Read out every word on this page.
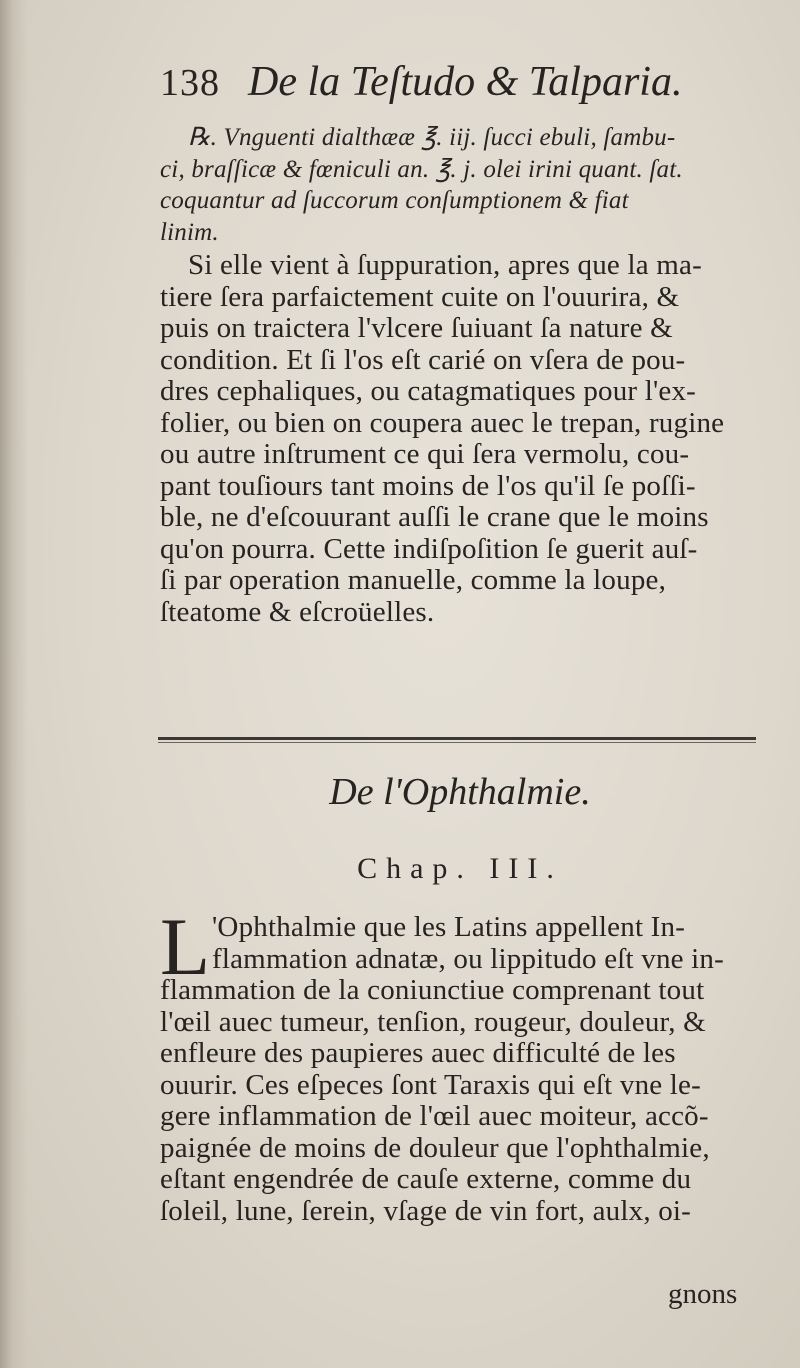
138 De la Teſtudo & Talparia.
℞. Vnguenti dialthææ ℥. iij. ſucci ebuli, ſambu-
ci, braſſicæ & fœniculi an. ℥. j. olei irini quant. ſat.
coquantur ad ſuccorum conſumptionem & fiat
linim.
Si elle vient à ſuppuration, apres que la ma-
tiere ſera parfaictement cuite on l'ouurira, &
puis on traictera l'vlcere ſuiuant ſa nature &
condition. Et ſi l'os eſt carié on vſera de pou-
dres cephaliques, ou catagmatiques pour l'ex-
folier, ou bien on coupera auec le trepan, rugine
ou autre inſtrument ce qui ſera vermolu, cou-
pant touſiours tant moins de l'os qu'il ſe poſſi-
ble, ne d'eſcouurant auſſi le crane que le moins
qu'on pourra. Cette indiſpoſition ſe guerit auſ-
ſi par operation manuelle, comme la loupe,
ſteatome & eſcroüelles.
De l'Ophthalmie.
Chap. III.
L 'Ophthalmie que les Latins appellent In-
flammation adnatæ, ou lippitudo eſt vne in-
flammation de la coniunctiue comprenant tout
l'œil auec tumeur, tenſion, rougeur, douleur, &
enfleure des paupieres auec difficulté de les
ouurir. Ces eſpeces ſont Taraxis qui eſt vne le-
gere inflammation de l'œil auec moiteur, accõ-
paignée de moins de douleur que l'ophthalmie,
eſtant engendrée de cauſe externe, comme du
ſoleil, lune, ſerein, vſage de vin fort, aulx, oi-
gnons
